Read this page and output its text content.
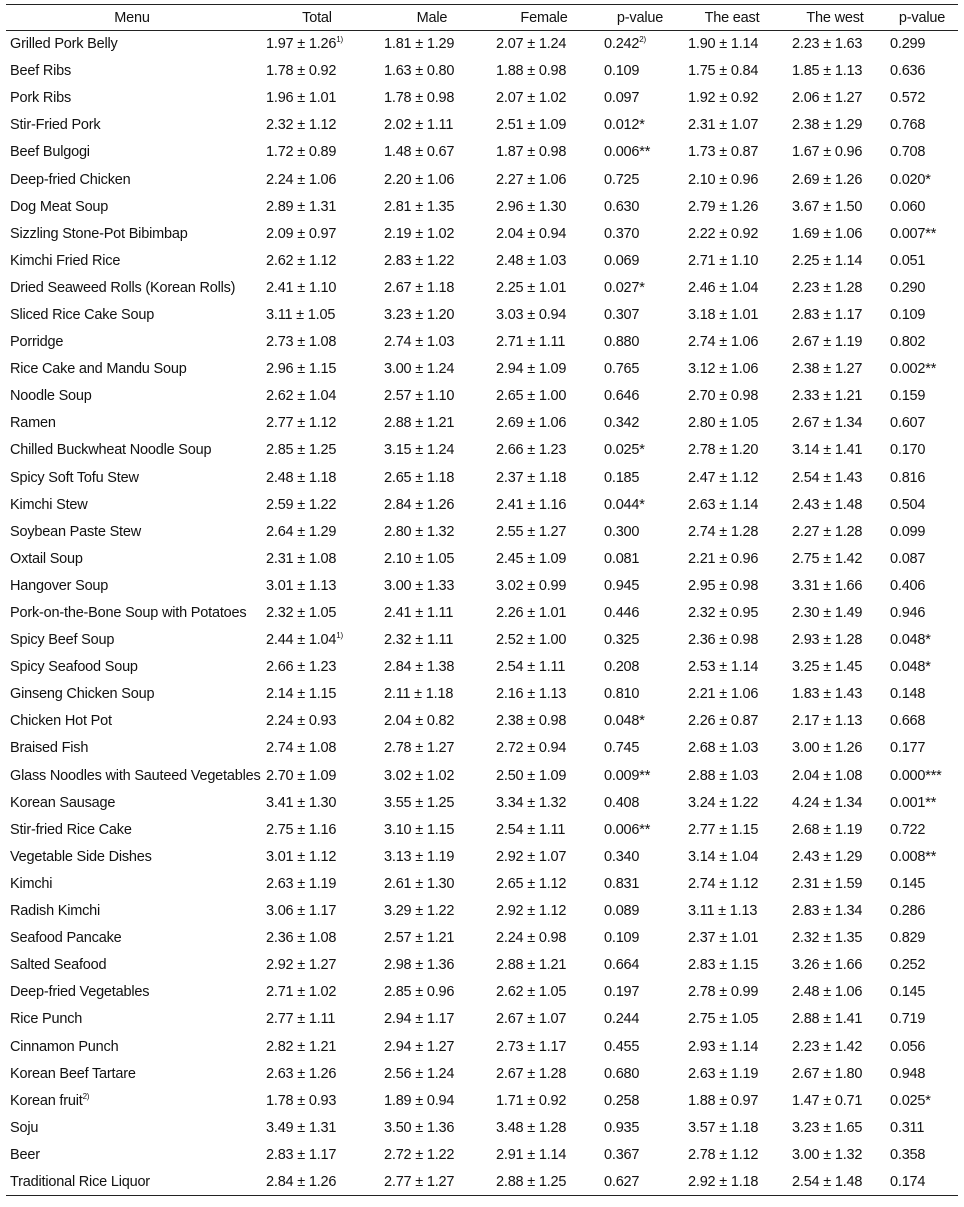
Menu	Total	Male	Female	p-value	The east	The west	p-value
Grilled Pork Belly	$1.97 \pm 1.26^{1)}$	1.81 ± 1.29	2.07 ± 1.24	0.242$^{2)}$	1.90 ± 1.14	2.23 ± 1.63	0.299
Beef Ribs	1.78 ± 0.92	1.63 ± 0.80	1.88 ± 0.98	0.109	1.75 ± 0.84	1.85 ± 1.13	0.636
Pork Ribs	1.96 ± 1.01	1.78 ± 0.98	2.07 ± 1.02	0.097	1.92 ± 0.92	2.06 ± 1.27	0.572
Stir-Fried Pork	2.32 ± 1.12	2.02 ± 1.11	2.51 ± 1.09	0.012*	2.31 ± 1.07	2.38 ± 1.29	0.768
Beef Bulgogi	1.72 ± 0.89	1.48 ± 0.67	1.87 ± 0.98	0.006**	1.73 ± 0.87	1.67 ± 0.96	0.708
Deep-fried Chicken	2.24 ± 1.06	2.20 ± 1.06	2.27 ± 1.06	0.725	2.10 ± 0.96	2.69 ± 1.26	0.020*
Dog Meat Soup	2.89 ± 1.31	2.81 ± 1.35	2.96 ± 1.30	0.630	2.79 ± 1.26	3.67 ± 1.50	0.060
Sizzling Stone-Pot Bibimbap	2.09 ± 0.97	2.19 ± 1.02	2.04 ± 0.94	0.370	2.22 ± 0.92	1.69 ± 1.06	0.007**
Kimchi Fried Rice	2.62 ± 1.12	2.83 ± 1.22	2.48 ± 1.03	0.069	2.71 ± 1.10	2.25 ± 1.14	0.051
Dried Seaweed Rolls (Korean Rolls)	2.41 ± 1.10	2.67 ± 1.18	2.25 ± 1.01	0.027*	2.46 ± 1.04	2.23 ± 1.28	0.290
Sliced Rice Cake Soup	3.11 ± 1.05	3.23 ± 1.20	3.03 ± 0.94	0.307	3.18 ± 1.01	2.83 ± 1.17	0.109
Porridge	2.73 ± 1.08	2.74 ± 1.03	2.71 ± 1.11	0.880	2.74 ± 1.06	2.67 ± 1.19	0.802
Rice Cake and Mandu Soup	2.96 ± 1.15	3.00 ± 1.24	2.94 ± 1.09	0.765	3.12 ± 1.06	2.38 ± 1.27	0.002**
Noodle Soup	2.62 ± 1.04	2.57 ± 1.10	2.65 ± 1.00	0.646	2.70 ± 0.98	2.33 ± 1.21	0.159
Ramen	2.77 ± 1.12	2.88 ± 1.21	2.69 ± 1.06	0.342	2.80 ± 1.05	2.67 ± 1.34	0.607
Chilled Buckwheat Noodle Soup	2.85 ± 1.25	3.15 ± 1.24	2.66 ± 1.23	0.025*	2.78 ± 1.20	3.14 ± 1.41	0.170
Spicy Soft Tofu Stew	2.48 ± 1.18	2.65 ± 1.18	2.37 ± 1.18	0.185	2.47 ± 1.12	2.54 ± 1.43	0.816
Kimchi Stew	2.59 ± 1.22	2.84 ± 1.26	2.41 ± 1.16	0.044*	2.63 ± 1.14	2.43 ± 1.48	0.504
Soybean Paste Stew	2.64 ± 1.29	2.80 ± 1.32	2.55 ± 1.27	0.300	2.74 ± 1.28	2.27 ± 1.28	0.099
Oxtail Soup	2.31 ± 1.08	2.10 ± 1.05	2.45 ± 1.09	0.081	2.21 ± 0.96	2.75 ± 1.42	0.087
Hangover Soup	3.01 ± 1.13	3.00 ± 1.33	3.02 ± 0.99	0.945	2.95 ± 0.98	3.31 ± 1.66	0.406
Pork-on-the-Bone Soup with Potatoes	2.32 ± 1.05	2.41 ± 1.11	2.26 ± 1.01	0.446	2.32 ± 0.95	2.30 ± 1.49	0.946
Spicy Beef Soup	$2.44 \pm 1.04^{1)}$	2.32 ± 1.11	2.52 ± 1.00	0.325	2.36 ± 0.98	2.93 ± 1.28	0.048*
Spicy Seafood Soup	2.66 ± 1.23	2.84 ± 1.38	2.54 ± 1.11	0.208	2.53 ± 1.14	3.25 ± 1.45	0.048*
Ginseng Chicken Soup	2.14 ± 1.15	2.11 ± 1.18	2.16 ± 1.13	0.810	2.21 ± 1.06	1.83 ± 1.43	0.148
Chicken Hot Pot	2.24 ± 0.93	2.04 ± 0.82	2.38 ± 0.98	0.048*	2.26 ± 0.87	2.17 ± 1.13	0.668
Braised Fish	2.74 ± 1.08	2.78 ± 1.27	2.72 ± 0.94	0.745	2.68 ± 1.03	3.00 ± 1.26	0.177
Glass Noodles with Sauteed Vegetables	2.70 ± 1.09	3.02 ± 1.02	2.50 ± 1.09	0.009**	2.88 ± 1.03	2.04 ± 1.08	0.000***
Korean Sausage	3.41 ± 1.30	3.55 ± 1.25	3.34 ± 1.32	0.408	3.24 ± 1.22	4.24 ± 1.34	0.001**
Stir-fried Rice Cake	2.75 ± 1.16	3.10 ± 1.15	2.54 ± 1.11	0.006**	2.77 ± 1.15	2.68 ± 1.19	0.722
Vegetable Side Dishes	3.01 ± 1.12	3.13 ± 1.19	2.92 ± 1.07	0.340	3.14 ± 1.04	2.43 ± 1.29	0.008**
Kimchi	2.63 ± 1.19	2.61 ± 1.30	2.65 ± 1.12	0.831	2.74 ± 1.12	2.31 ± 1.59	0.145
Radish Kimchi	3.06 ± 1.17	3.29 ± 1.22	2.92 ± 1.12	0.089	3.11 ± 1.13	2.83 ± 1.34	0.286
Seafood Pancake	2.36 ± 1.08	2.57 ± 1.21	2.24 ± 0.98	0.109	2.37 ± 1.01	2.32 ± 1.35	0.829
Salted Seafood	2.92 ± 1.27	2.98 ± 1.36	2.88 ± 1.21	0.664	2.83 ± 1.15	3.26 ± 1.66	0.252
Deep-fried Vegetables	2.71 ± 1.02	2.85 ± 0.96	2.62 ± 1.05	0.197	2.78 ± 0.99	2.48 ± 1.06	0.145
Rice Punch	2.77 ± 1.11	2.94 ± 1.17	2.67 ± 1.07	0.244	2.75 ± 1.05	2.88 ± 1.41	0.719
Cinnamon Punch	2.82 ± 1.21	2.94 ± 1.27	2.73 ± 1.17	0.455	2.93 ± 1.14	2.23 ± 1.42	0.056
Korean Beef Tartare	2.63 ± 1.26	2.56 ± 1.24	2.67 ± 1.28	0.680	2.63 ± 1.19	2.67 ± 1.80	0.948
Korean fruit$^{2)}$	1.78 ± 0.93	1.89 ± 0.94	1.71 ± 0.92	0.258	1.88 ± 0.97	1.47 ± 0.71	0.025*
Soju	3.49 ± 1.31	3.50 ± 1.36	3.48 ± 1.28	0.935	3.57 ± 1.18	3.23 ± 1.65	0.311
Beer	2.83 ± 1.17	2.72 ± 1.22	2.91 ± 1.14	0.367	2.78 ± 1.12	3.00 ± 1.32	0.358
Traditional Rice Liquor	2.84 ± 1.26	2.77 ± 1.27	2.88 ± 1.25	0.627	2.92 ± 1.18	2.54 ± 1.48	0.174
